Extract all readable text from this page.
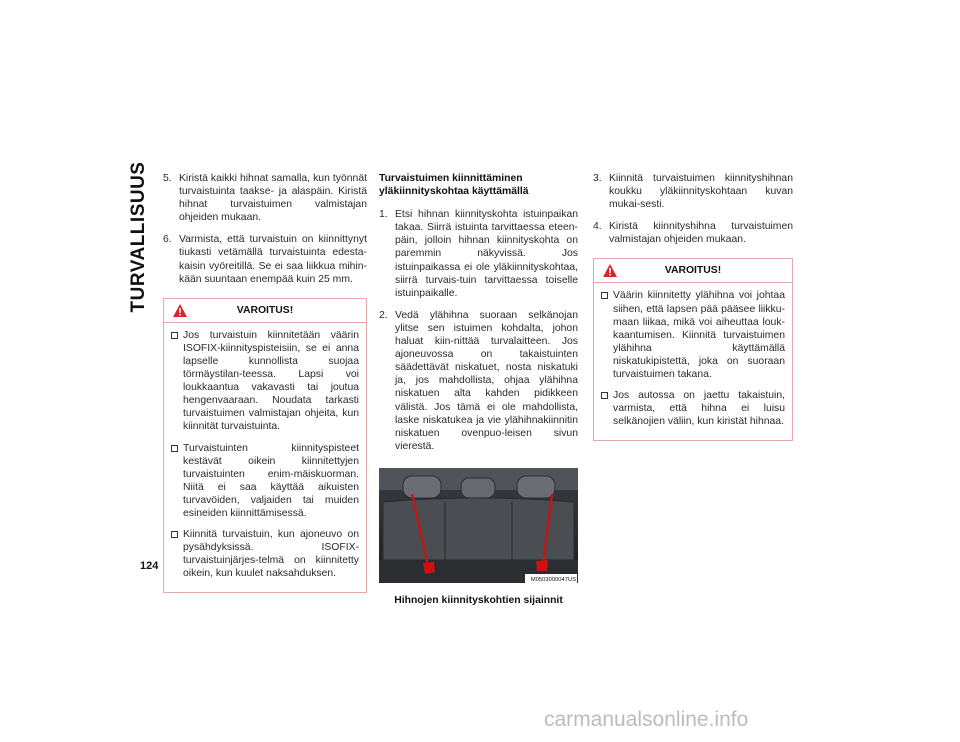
TURVALLISUUS
124
5. Kiristä kaikki hihnat samalla, kun työnnät turvaistuinta taakse- ja alaspäin. Kiristä hihnat turvaistuimen valmistajan ohjeiden mukaan.
6. Varmista, että turvaistuin on kiinnittynyt tiukasti vetämällä turvaistuinta edesta-kaisin vyöreitillä. Se ei saa liikkua mihin-kään suuntaan enempää kuin 25 mm.
VAROITUS!
Jos turvaistuin kiinnitetään väärin ISOFIX-kiinnityspisteisiin, se ei anna lapselle kunnollista suojaa törmäystilan-teessa. Lapsi voi loukkaantua vakavasti tai joutua hengenvaaraan. Noudata tarkasti turvaistuimen valmistajan ohjeita, kun kiinnität turvaistuinta.
Turvaistuinten kiinnityspisteet kestävät oikein kiinnitettyjen turvaistuinten enim-mäiskuorman. Niitä ei saa käyttää aikuisten turvavöiden, valjaiden tai muiden esineiden kiinnittämisessä.
Kiinnitä turvaistuin, kun ajoneuvo on pysähdyksissä. ISOFIX-turvaistuinjärjes-telmä on kiinnitetty oikein, kun kuulet naksahduksen.
Turvaistuimen kiinnittäminen
yläkiinnityskohtaa käyttämällä
1. Etsi hihnan kiinnityskohta istuinpaikan takaa. Siirrä istuinta tarvittaessa eteen-päin, jolloin hihnan kiinnityskohta on paremmin näkyvissä. Jos istuinpaikassa ei ole yläkiinnityskohtaa, siirrä turvais-tuin tarvittaessa toiselle istuinpaikalle.
2. Vedä ylähihna suoraan selkänojan ylitse sen istuimen kohdalta, johon haluat kiin-nittää turvalaitteen. Jos ajoneuvossa on takaistuinten säädettävät niskatuet, nosta niskatuki ja, jos mahdollista, ohjaa ylähihna niskatuen alta kahden pidikkeen välistä. Jos tämä ei ole mahdollista, laske niskatukea ja vie ylähihnakiinnitin niskatuen ovenpuo-leisen sivun vierestä.
M0503000047US
Hihnojen kiinnityskohtien sijainnit
3. Kiinnitä turvaistuimen kiinnityshihnan koukku yläkiinnityskohtaan kuvan mukai-sesti.
4. Kiristä kiinnityshihna turvaistuimen valmistajan ohjeiden mukaan.
VAROITUS!
Väärin kiinnitetty ylähihna voi johtaa siihen, että lapsen pää pääsee liikku-maan liikaa, mikä voi aiheuttaa louk-kaantumisen. Kiinnitä turvaistuimen ylähihna käyttämällä niskatukipistettä, joka on suoraan turvaistuimen takana.
Jos autossa on jaettu takaistuin, varmista, että hihna ei luisu selkänojien väliin, kun kiristät hihnaa.
carmanualsonline.info
